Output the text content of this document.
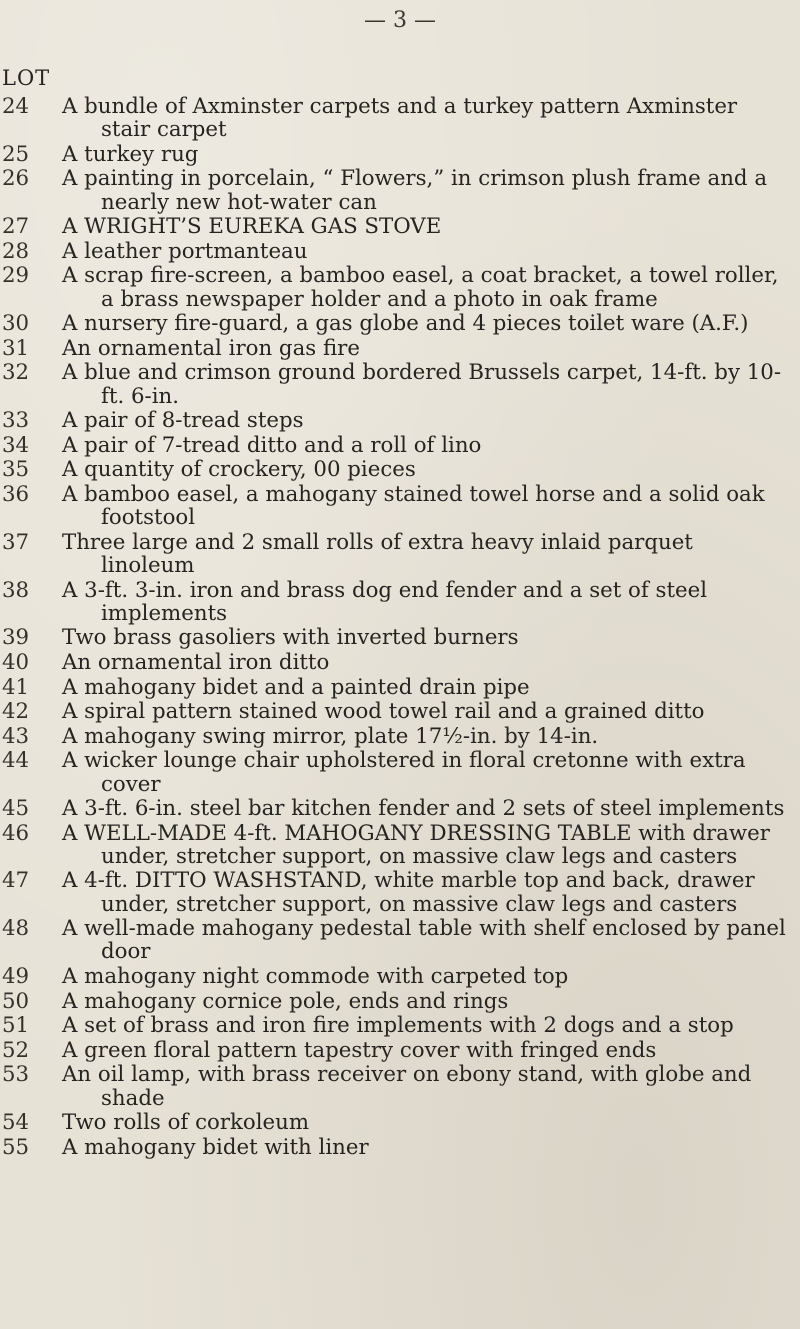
— 3 —
LOT
24	A bundle of Axminster carpets and a turkey pattern Axminster stair carpet
25	A turkey rug
26	A painting in porcelain, “ Flowers,” in crimson plush frame and a nearly new hot-water can
27	A WRIGHT’S EUREKA GAS STOVE
28	A leather portmanteau
29	A scrap fire-screen, a bamboo easel, a coat bracket, a towel roller, a brass newspaper holder and a photo in oak frame
30	A nursery fire-guard, a gas globe and 4 pieces toilet ware (A.F.)
31	An ornamental iron gas fire
32	A blue and crimson ground bordered Brussels carpet, 14-ft. by 10-ft. 6-in.
33	A pair of 8-tread steps
34	A pair of 7-tread ditto and a roll of lino
35	A quantity of crockery, 00 pieces
36	A bamboo easel, a mahogany stained towel horse and a solid oak footstool
37	Three large and 2 small rolls of extra heavy inlaid parquet linoleum
38	A 3-ft. 3-in. iron and brass dog end fender and a set of steel implements
39	Two brass gasoliers with inverted burners
40	An ornamental iron ditto
41	A mahogany bidet and a painted drain pipe
42	A spiral pattern stained wood towel rail and a grained ditto
43	A mahogany swing mirror, plate 17½-in. by 14-in.
44	A wicker lounge chair upholstered in floral cretonne with extra cover
45	A 3-ft. 6-in. steel bar kitchen fender and 2 sets of steel implements
46	A WELL-MADE 4-ft. MAHOGANY DRESSING TABLE with drawer under, stretcher support, on massive claw legs and casters
47	A 4-ft. DITTO WASHSTAND, white marble top and back, drawer under, stretcher support, on massive claw legs and casters
48	A well-made mahogany pedestal table with shelf enclosed by panel door
49	A mahogany night commode with carpeted top
50	A mahogany cornice pole, ends and rings
51	A set of brass and iron fire implements with 2 dogs and a stop
52	A green floral pattern tapestry cover with fringed ends
53	An oil lamp, with brass receiver on ebony stand, with globe and shade
54	Two rolls of corkoleum
55	A mahogany bidet with liner
